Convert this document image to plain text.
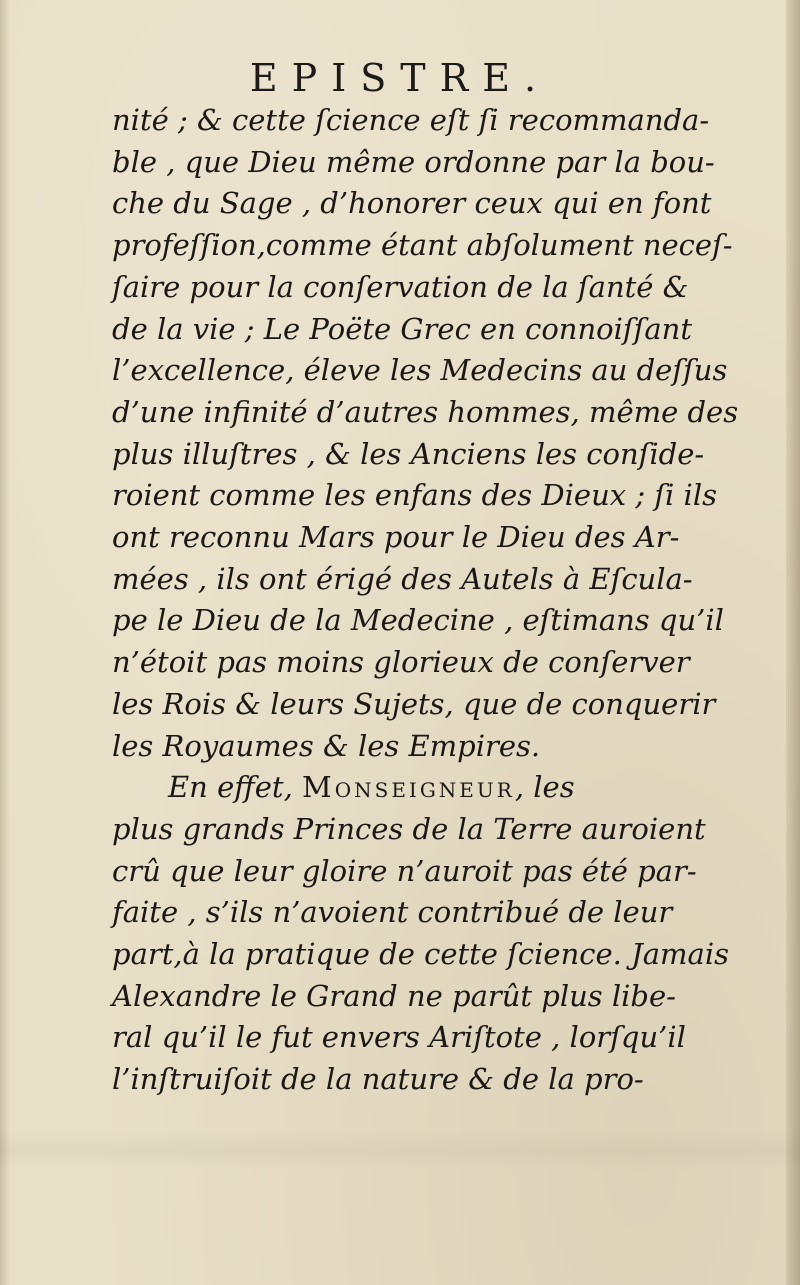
EPISTRE.
nité ; & cette ſcience eſt ſi recommanda-
ble , que Dieu même ordonne par la bou-
che du Sage , d’honorer ceux qui en font
profeſſion,comme étant abſolument neceſ-
ſaire pour la conſervation de la ſanté &
de la vie ; Le Poëte Grec en connoiſſant
l’excellence, éleve les Medecins au deſſus
d’une infinité d’autres hommes, même des
plus illuſtres , & les Anciens les conſide-
roient comme les enfans des Dieux ; ſi ils
ont reconnu Mars pour le Dieu des Ar-
mées , ils ont érigé des Autels à Eſcula-
pe le Dieu de la Medecine , eſtimans qu’il
n’étoit pas moins glorieux de conſerver
les Rois & leurs Sujets, que de conquerir
les Royaumes & les Empires.
En effet, Monseigneur, les
plus grands Princes de la Terre auroient
crû que leur gloire n’auroit pas été par-
faite , s’ils n’avoient contribué de leur
part,à la pratique de cette ſcience. Jamais
Alexandre le Grand ne parût plus libe-
ral qu’il le fut envers Ariſtote , lorſqu’il
l’inſtruiſoit de la nature & de la pro-
